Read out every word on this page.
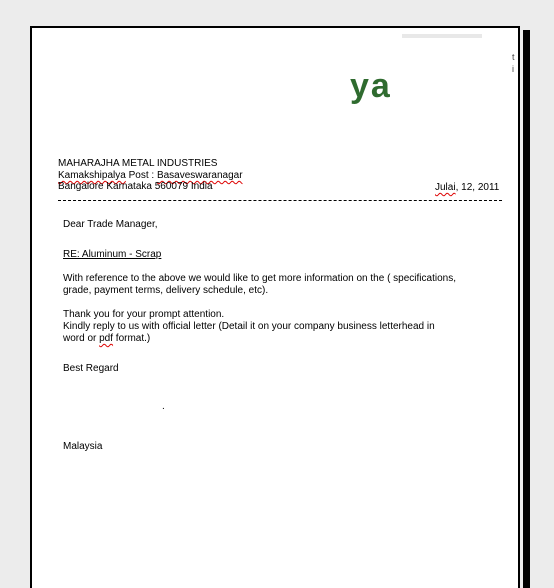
ya
t
i
MAHARAJHA METAL INDUSTRIES
Kamakshipalya Post : Basaveswaranagar
Bangalore Karnataka 560079 India	Julai, 12, 2011
Dear Trade Manager,
RE: Aluminum - Scrap
With reference to the above we would like to get more information on the ( specifications,
grade, payment terms, delivery schedule, etc).
Thank you for your prompt attention.
Kindly reply to us with official letter (Detail it on your company business letterhead in
word or pdf format.)
Best Regard
.
Malaysia
